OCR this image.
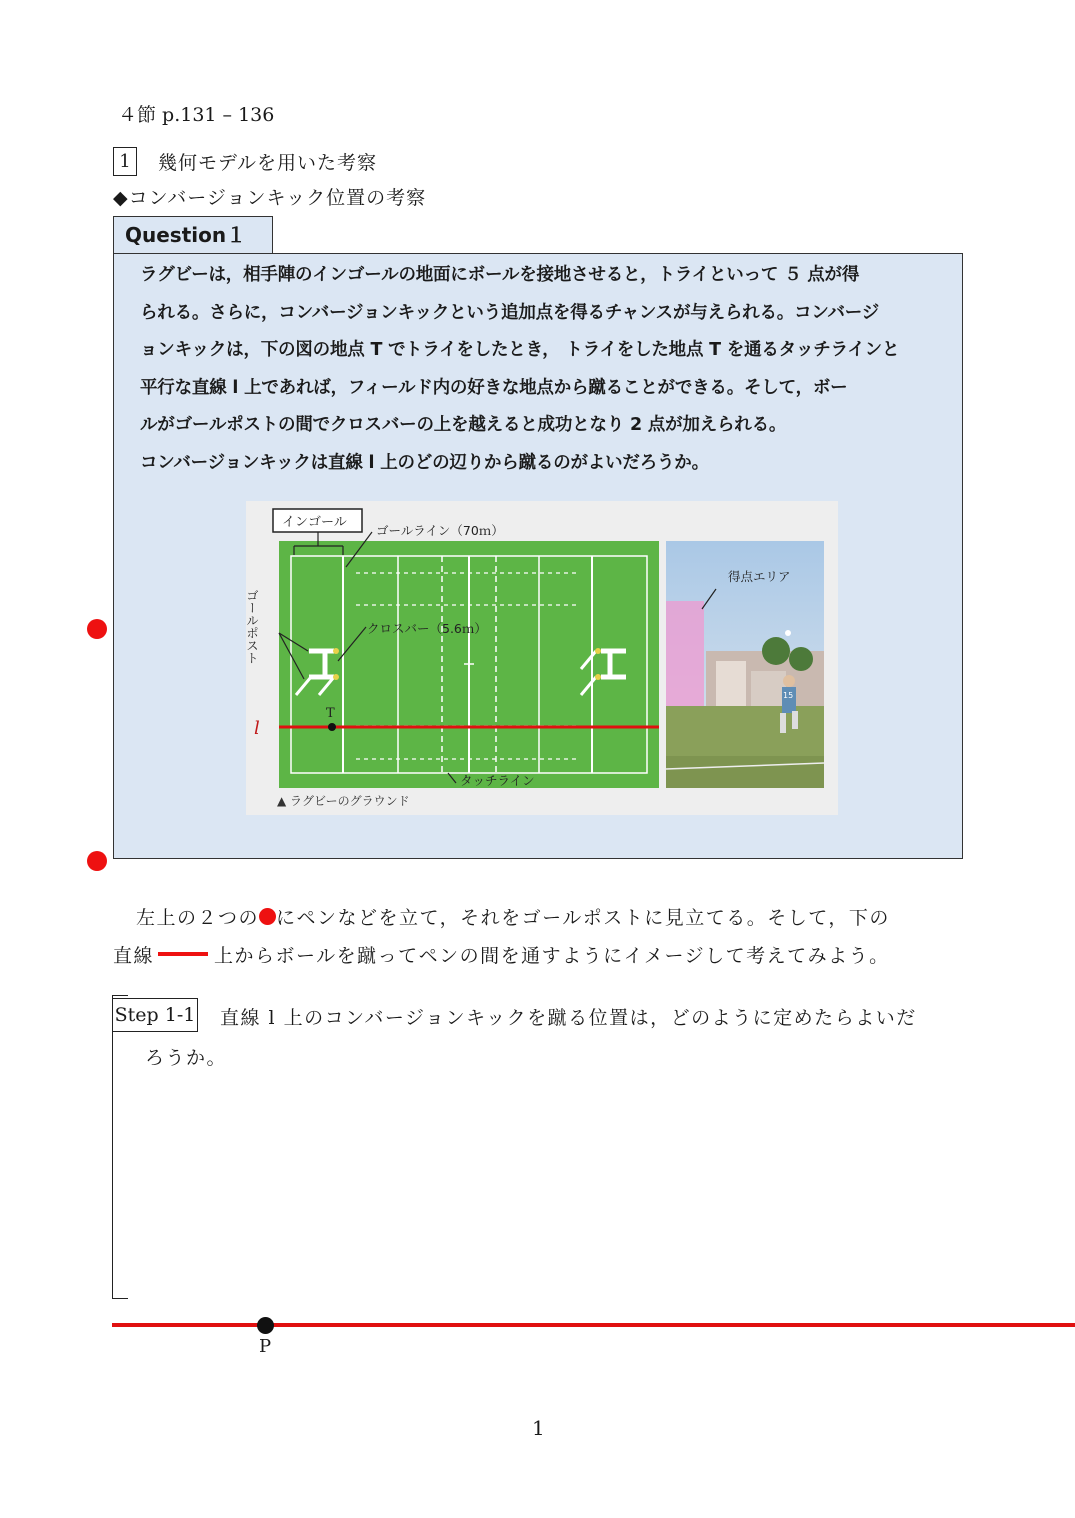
４節 p.131 – 136
1	幾何モデルを用いた考察
◆コンバージョンキック位置の考察
Question１

ラグビーは，相手陣のインゴールの地面にボールを接地させると，トライといって ５ 点が得

られる。さらに，コンバージョンキックという追加点を得るチャンスが与えられる。コンバージ

ョンキックは，下の図の地点 T でトライをしたとき， トライをした地点 T を通るタッチラインと

平行な直線 l 上であれば，フィールド内の好きな地点から蹴ることができる。そして，ボー

ルがゴールポストの間でクロスバーの上を越えると成功となり 2 点が加えられる。

コンバージョンキックは直線 l 上のどの辺りから蹴るのがよいだろうか。

インゴール
ゴールライン（70ｍ）
クロスバー（5.6ｍ）
タッチライン
ゴールポスト
l
T
▲ ラグビーのグラウンド
得点エリア
15
左上の２つの にペンなどを立て，それをゴールポストに見立てる。そして，下の
直線	上からボールを蹴ってペンの間を通すようにイメージして考えてみよう。
Step 1-1 直線 l 上のコンバージョンキックを蹴る位置は，どのように定めたらよいだ
ろうか。
P
1
